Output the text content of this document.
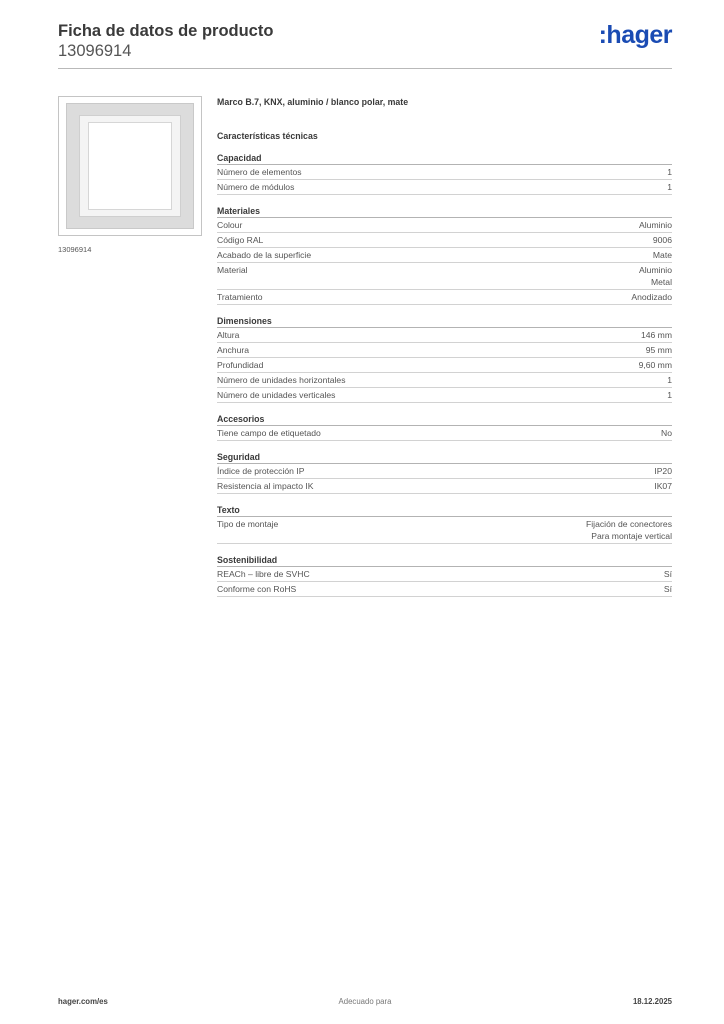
Ficha de datos de producto
13096914
:hager
13096914
Marco B.7, KNX, aluminio / blanco polar, mate
Características técnicas
Capacidad
Número de elementos	1
Número de módulos	1
Materiales
Colour	Aluminio
Código RAL	9006
Acabado de la superficie	Mate
Material	Aluminio
Metal
Tratamiento	Anodizado
Dimensiones
Altura	146 mm
Anchura	95 mm
Profundidad	9,60 mm
Número de unidades horizontales	1
Número de unidades verticales	1
Accesorios
Tiene campo de etiquetado	No
Seguridad
Índice de protección IP	IP20
Resistencia al impacto IK	IK07
Texto
Tipo de montaje	Fijación de conectores
Para montaje vertical
Sostenibilidad
REACh – libre de SVHC	Sí
Conforme con RoHS	Sí
hager.com/es	Adecuado para	18.12.2025
